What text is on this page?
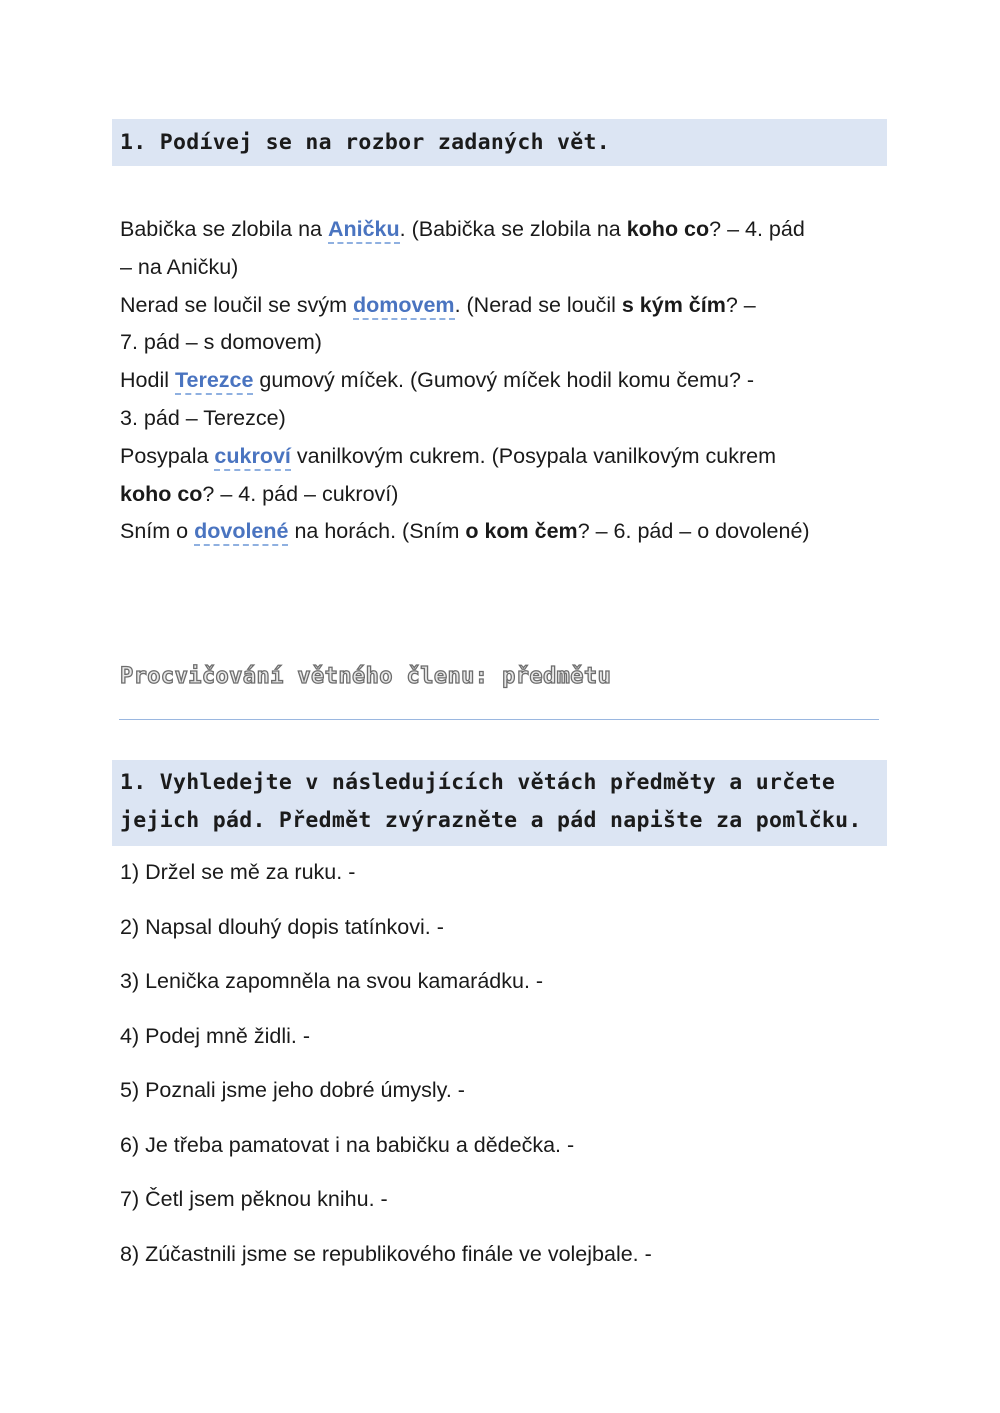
1. Podívej se na rozbor zadaných vět.
Babička se zlobila na Aničku. (Babička se zlobila na koho co? – 4. pád
– na Aničku)
Nerad se loučil se svým domovem. (Nerad se loučil s kým čím? –
7. pád – s domovem)
Hodil Terezce gumový míček. (Gumový míček hodil komu čemu? -
3. pád – Terezce)
Posypala cukroví vanilkovým cukrem. (Posypala vanilkovým cukrem
koho co? – 4. pád – cukroví)
Sním o dovolené na horách. (Sním o kom čem? – 6. pád – o dovolené)
Procvičování větného členu: předmětu
1. Vyhledejte v následujících větách předměty a určete
jejich pád. Předmět zvýrazněte a pád napište za pomlčku.
1) Držel se mě za ruku. -
2) Napsal dlouhý dopis tatínkovi. -
3) Lenička zapomněla na svou kamarádku. -
4) Podej mně židli. -
5) Poznali jsme jeho dobré úmysly. -
6) Je třeba pamatovat i na babičku a dědečka. -
7) Četl jsem pěknou knihu. -
8) Zúčastnili jsme se republikového finále ve volejbale. -
